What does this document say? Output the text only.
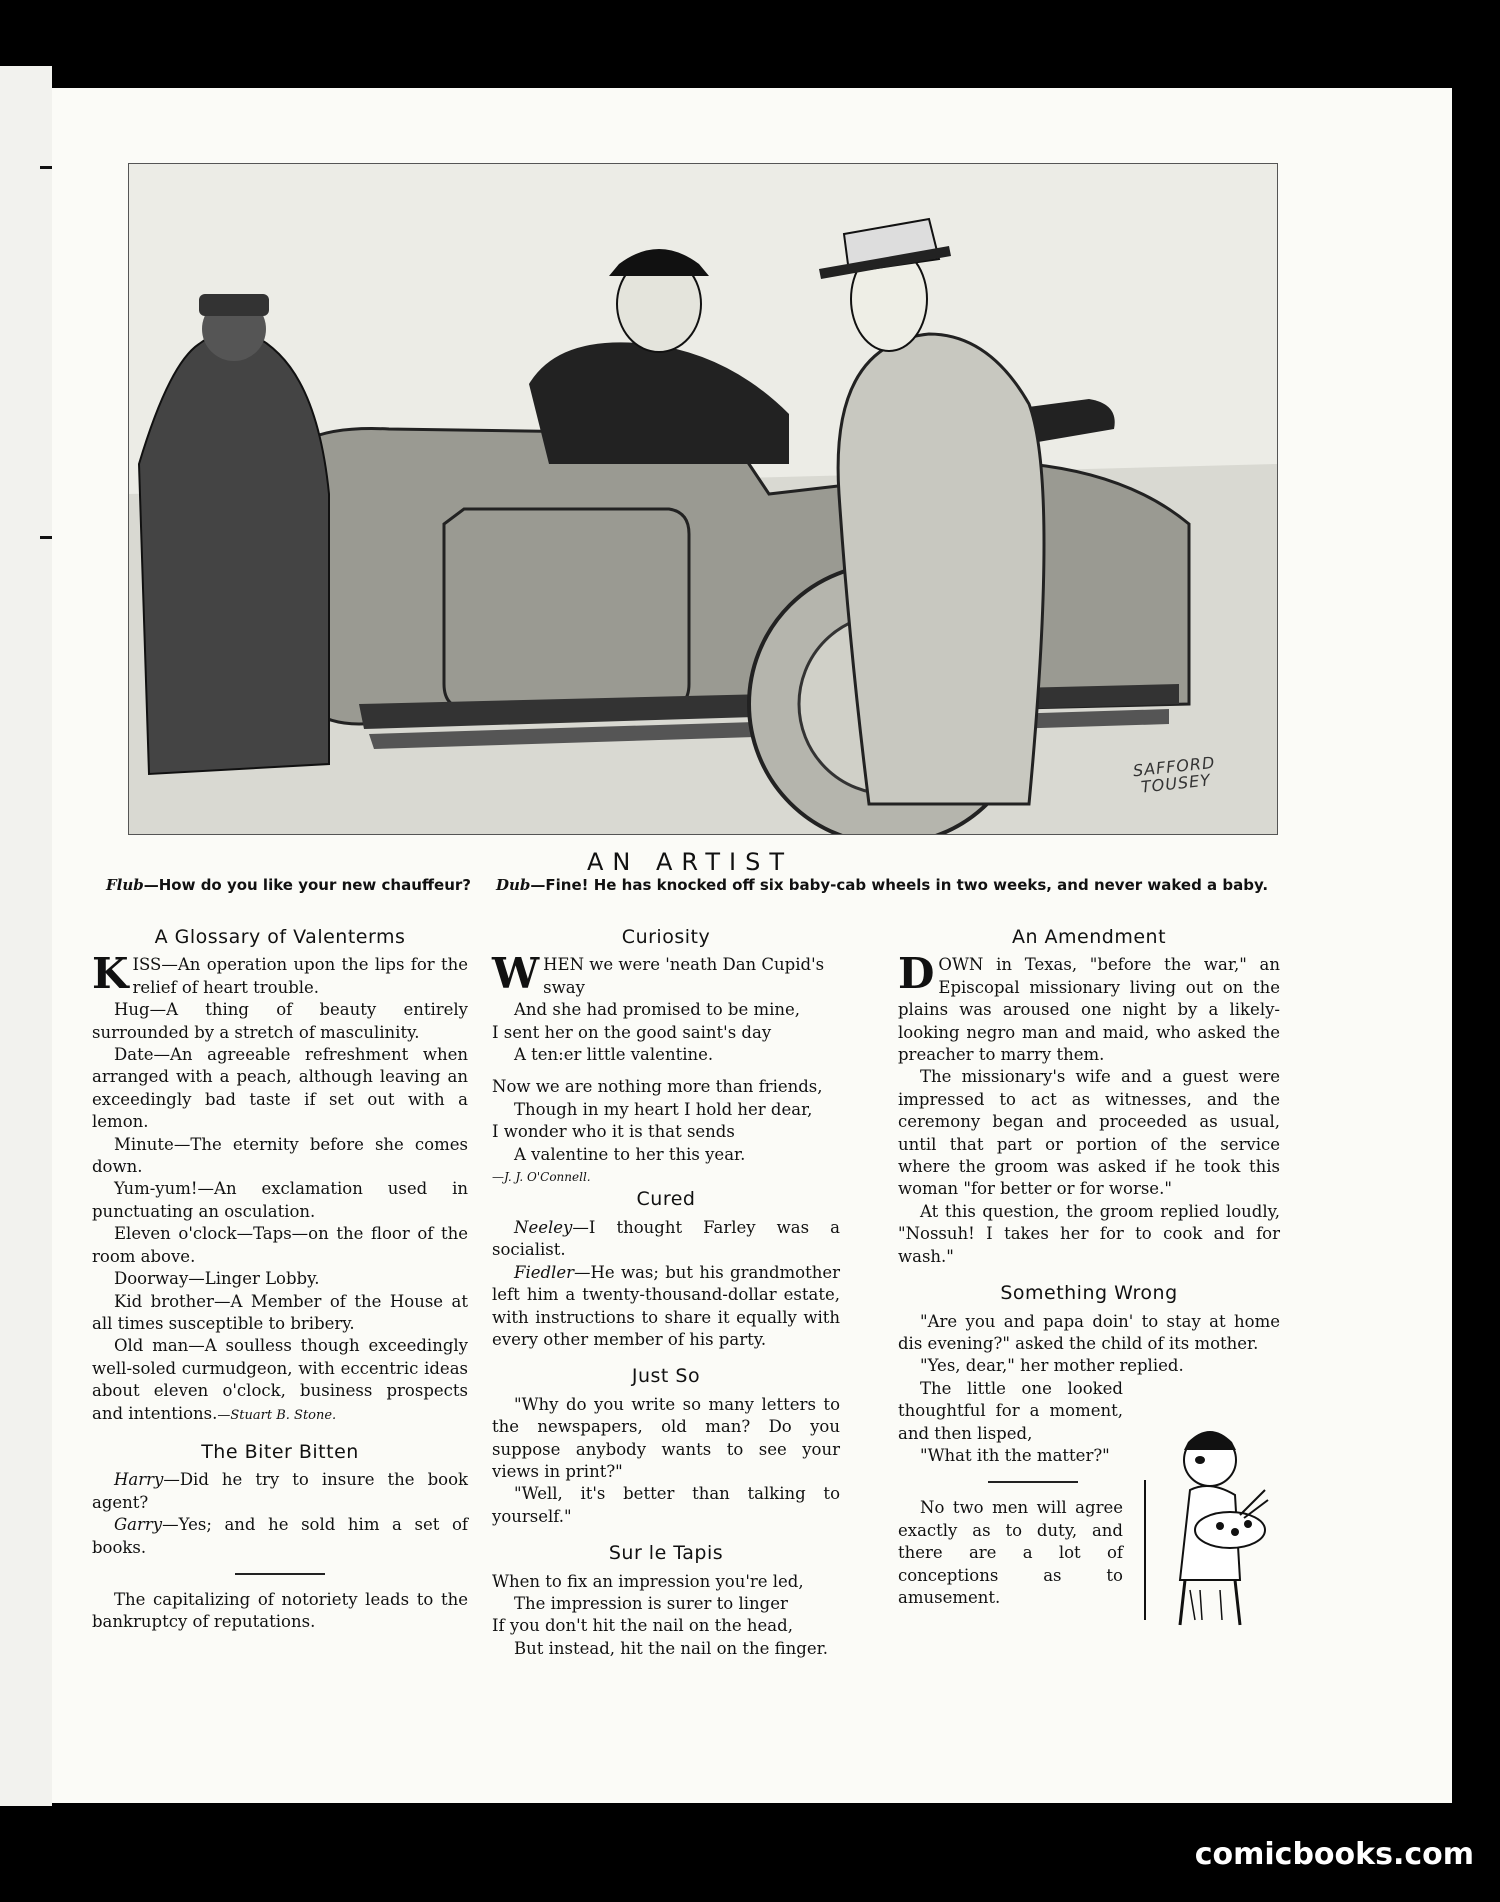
SAFFORD TOUSEY
AN ARTIST
Flub—How do you like your new chauffeur?	Dub—Fine! He has knocked off six baby-cab wheels in two weeks, and never waked a baby.
A Glossary of Valenterms

KISS—An operation upon the lips for the relief of heart trouble.

Hug—A thing of beauty entirely surrounded by a stretch of masculinity.

Date—An agreeable refreshment when arranged with a peach, although leaving an exceedingly bad taste if set out with a lemon.

Minute—The eternity before she comes down.

Yum-yum!—An exclamation used in punctuating an osculation.

Eleven o'clock—Taps—on the floor of the room above.

Doorway—Linger Lobby.

Kid brother—A Member of the House at all times susceptible to bribery.

Old man—A soulless though exceedingly well-soled curmudgeon, with eccentric ideas about eleven o'clock, business prospects and intentions.—Stuart B. Stone.

The Biter Bitten

Harry—Did he try to insure the book agent?

Garry—Yes; and he sold him a set of books.

The capitalizing of notoriety leads to the bankruptcy of reputations.

Curiosity

WHEN we were 'neath Dan Cupid's sway

And she had promised to be mine,

I sent her on the good saint's day

A ten:er little valentine.

Now we are nothing more than friends,

Though in my heart I hold her dear,

I wonder who it is that sends

A valentine to her this year.

—J. J. O'Connell.

Cured

Neeley—I thought Farley was a socialist.

Fiedler—He was; but his grandmother left him a twenty-thousand-dollar estate, with instructions to share it equally with every other member of his party.

Just So

"Why do you write so many letters to the newspapers, old man? Do you suppose anybody wants to see your views in print?"

"Well, it's better than talking to yourself."

Sur le Tapis

When to fix an impression you're led,

The impression is surer to linger

If you don't hit the nail on the head,

But instead, hit the nail on the finger.

An Amendment

DOWN in Texas, "before the war," an Episcopal missionary living out on the plains was aroused one night by a likely-looking negro man and maid, who asked the preacher to marry them.

The missionary's wife and a guest were impressed to act as witnesses, and the ceremony began and proceeded as usual, until that part or portion of the service where the groom was asked if he took this woman "for better or for worse."

At this question, the groom replied loudly, "Nossuh! I takes her for to cook and for wash."

Something Wrong

"Are you and papa doin' to stay at home dis evening?" asked the child of its mother.

"Yes, dear," her mother replied.

The little one looked thoughtful for a moment, and then lisped,

"What ith the matter?"

No two men will agree exactly as to duty, and there are a lot of conceptions as to amusement.

comicbooks.com
